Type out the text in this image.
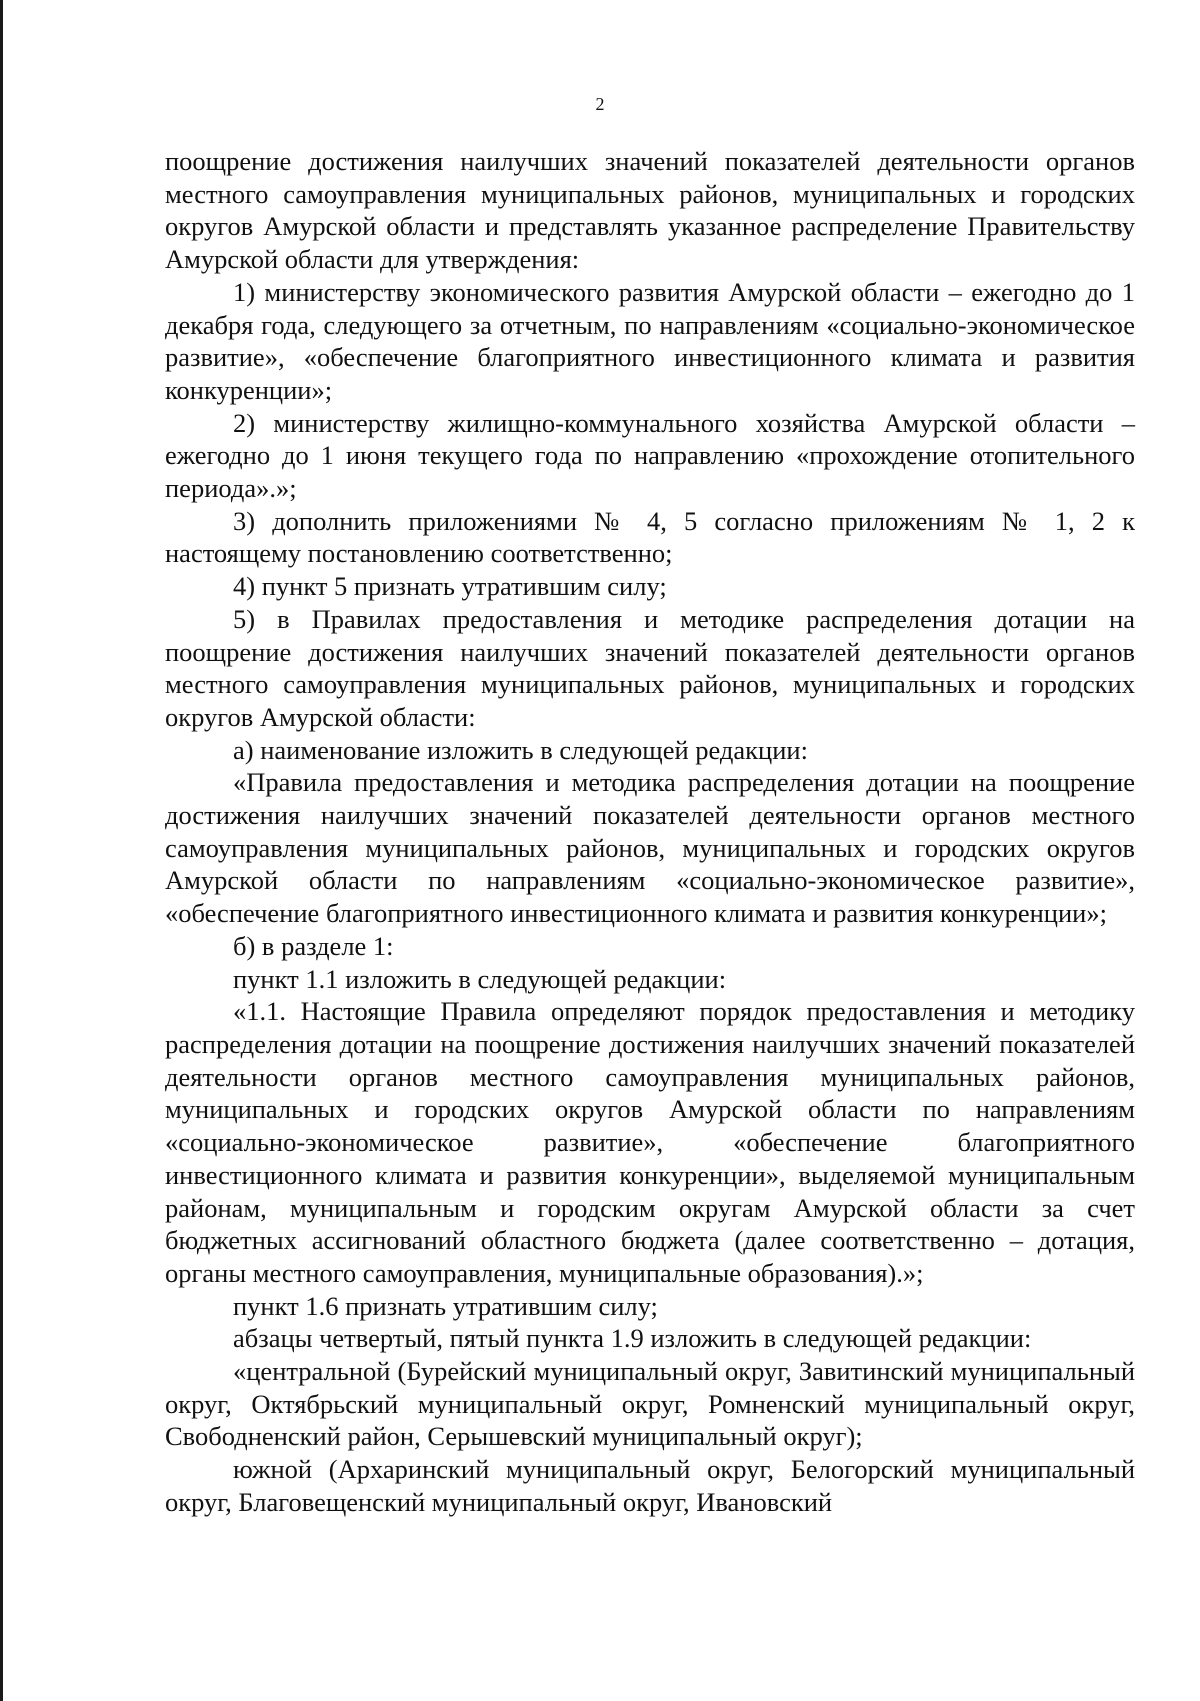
2

поощрение достижения наилучших значений показателей деятельности органов местного самоуправления муниципальных районов, муниципальных и городских округов Амурской области и представлять указанное распределение Правительству Амурской области для утверждения:

1) министерству экономического развития Амурской области – ежегодно до 1 декабря года, следующего за отчетным, по направлениям «социально-экономическое развитие», «обеспечение благоприятного инвестиционного климата и развития конкуренции»;

2) министерству жилищно-коммунального хозяйства Амурской области – ежегодно до 1 июня текущего года по направлению «прохождение отопительного периода».»;

3) дополнить приложениями № 4, 5 согласно приложениям № 1, 2 к настоящему постановлению соответственно;

4) пункт 5 признать утратившим силу;

5) в Правилах предоставления и методике распределения дотации на поощрение достижения наилучших значений показателей деятельности органов местного самоуправления муниципальных районов, муниципальных и городских округов Амурской области:

а) наименование изложить в следующей редакции:

«Правила предоставления и методика распределения дотации на поощрение достижения наилучших значений показателей деятельности органов местного самоуправления муниципальных районов, муниципальных и городских округов Амурской области по направлениям «социально-экономическое развитие», «обеспечение благоприятного инвестиционного климата и развития конкуренции»;

б) в разделе 1:

пункт 1.1 изложить в следующей редакции:

«1.1. Настоящие Правила определяют порядок предоставления и методику распределения дотации на поощрение достижения наилучших значений показателей деятельности органов местного самоуправления муниципальных районов, муниципальных и городских округов Амурской области по направлениям «социально-экономическое развитие», «обеспечение благоприятного инвестиционного климата и развития конкуренции», выделяемой муниципальным районам, муниципальным и городским округам Амурской области за счет бюджетных ассигнований областного бюджета (далее соответственно – дотация, органы местного самоуправления, муниципальные образования).»;

пункт 1.6 признать утратившим силу;

абзацы четвертый, пятый пункта 1.9 изложить в следующей редакции:

«центральной (Бурейский муниципальный округ, Завитинский муниципальный округ, Октябрьский муниципальный округ, Ромненский муниципальный округ, Свободненский район, Серышевский муниципальный округ);

южной (Архаринский муниципальный округ, Белогорский муниципальный округ, Благовещенский муниципальный округ, Ивановский
